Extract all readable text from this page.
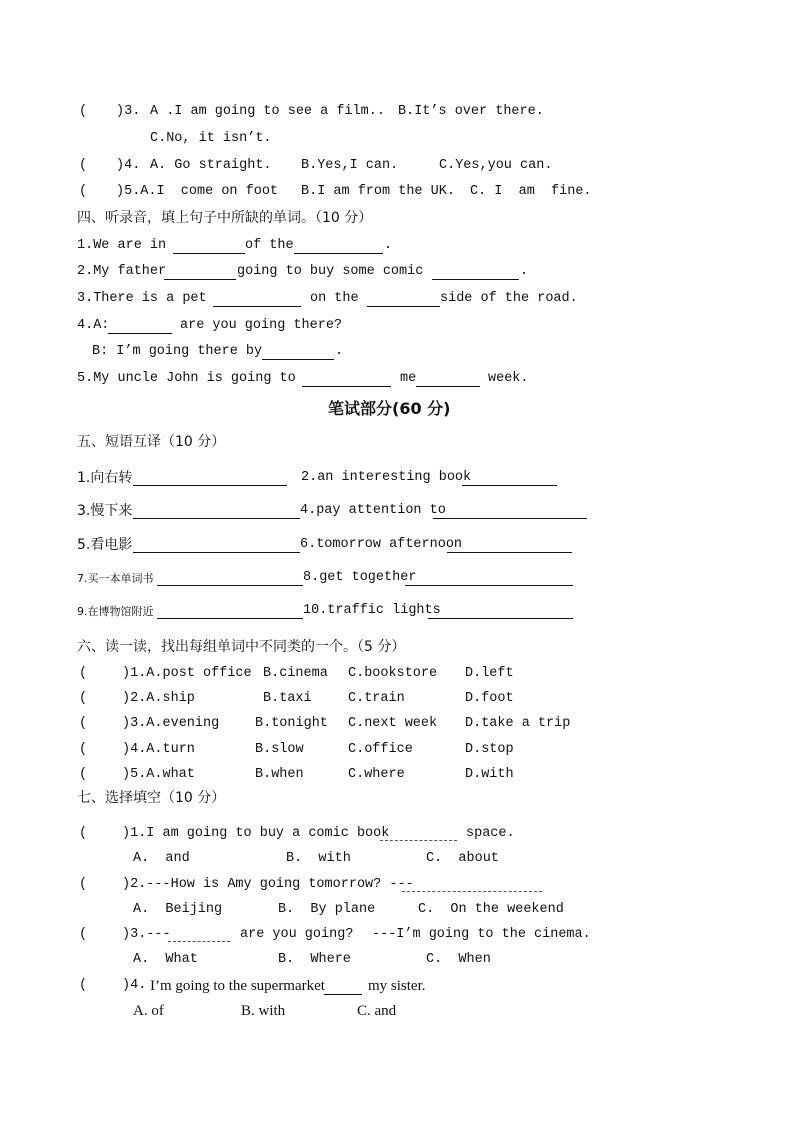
( )3. A .I am going to see a film.. B.It’s over there.
C.No, it isn’t.
( )4. A. Go straight. B.Yes,I can.	C.Yes,you can.
( )5.A.I  come on foot B.I am from the UK. C. I  am  fine.
四、听录音，填上句子中所缺的单词。（10 分）
1.We are in	of the	.
2.My father	going to buy some comic	.
3.There is a pet	on the	side of the road.
4.A:	are you going there?
B: I’m going there by	.
5.My uncle John is going to	me	week.
笔试部分(60 分)
五、短语互译（10 分）
1.向右转	2.an interesting book
3.慢下来	4.pay attention to
5.看电影	6.tomorrow afternoon
7.买一本单词书	8.get together
9.在博物馆附近	10.traffic lights
六、读一读，找出每组单词中不同类的一个。（5 分）
(	)1.A.post office B.cinema C.bookstore D.left
(	)2.A.ship	B.taxi	C.train	D.foot
(	)3.A.evening	B.tonight C.next week D.take a trip
(	)4.A.turn	B.slow	C.office	D.stop
(	)5.A.what	B.when	C.where	D.with
七、选择填空（10 分）
(	)1.I am going to buy a comic book	space.
A.  and	B.  with	C.  about
(	)2.---How is Amy going tomorrow? ---
A.  Beijing	B.  By plane	C.  On the weekend
(	)3.---	are you going? ---I’m going to the cinema.
A.  What	B.  Where	C.  When
(	)4. I’m going to the supermarket	my sister.
A. of	B. with	C. and
